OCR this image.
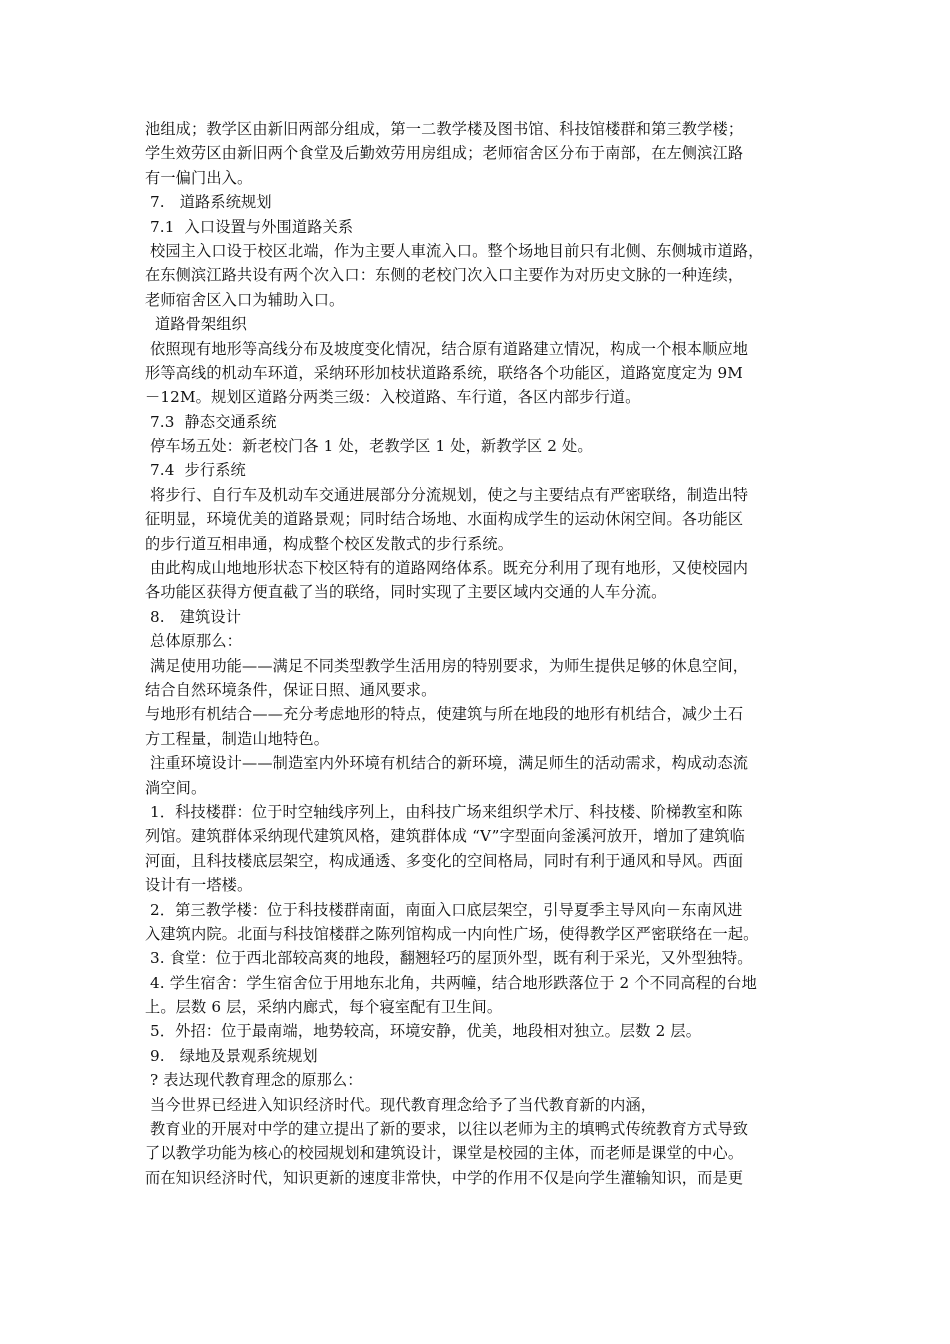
池组成；教学区由新旧两部分组成，第一二教学楼及图书馆、科技馆楼群和第三教学楼；
学生效劳区由新旧两个食堂及后勤效劳用房组成；老师宿舍区分布于南部，在左侧滨江路
有一偏门出入。
7.   道路系统规划
7.1  入口设置与外围道路关系
校园主入口设于校区北端，作为主要人車流入口。整个场地目前只有北侧、东侧城市道路，
在东侧滨江路共设有两个次入口：东侧的老校门次入口主要作为对历史文脉的一种连续，
老师宿舍区入口为辅助入口。
道路骨架组织
依照现有地形等高线分布及坡度变化情况，结合原有道路建立情况，构成一个根本顺应地
形等高线的机动车环道，采纳环形加枝状道路系统，联络各个功能区，道路宽度定为 9M
－12M。规划区道路分两类三级：入校道路、车行道，各区内部步行道。
7.3  静态交通系统
停车场五处：新老校门各 1 处，老教学区 1 处，新教学区 2 处。
7.4  步行系统
将步行、自行车及机动车交通进展部分分流规划，使之与主要结点有严密联络，制造出特
征明显，环境优美的道路景观；同时结合场地、水面构成学生的运动休闲空间。各功能区
的步行道互相串通，构成整个校区发散式的步行系统。
由此构成山地地形状态下校区特有的道路网络体系。既充分利用了现有地形，又使校园内
各功能区获得方便直截了当的联络，同时实现了主要区域内交通的人车分流。
8.   建筑设计
总体原那么：
满足使用功能——满足不同类型教学生活用房的特别要求，为师生提供足够的休息空间，
结合自然环境条件，保证日照、通风要求。
与地形有机结合——充分考虑地形的特点，使建筑与所在地段的地形有机结合，减少土石
方工程量，制造山地特色。
注重环境设计——制造室内外环境有机结合的新环境，满足师生的活动需求，构成动态流
淌空间。
1．科技楼群：位于时空轴线序列上，由科技广场来组织学术厅、科技楼、阶梯教室和陈
列馆。建筑群体采纳现代建筑风格，建筑群体成 “V”字型面向釜溪河放开，增加了建筑临
河面，且科技楼底层架空，构成通透、多变化的空间格局，同时有利于通风和导风。西面
设计有一塔楼。
2．第三教学楼：位于科技楼群南面，南面入口底层架空，引导夏季主导风向－东南风进
入建筑内院。北面与科技馆楼群之陈列馆构成一内向性广场，使得教学区严密联络在一起。
3. 食堂：位于西北部较高爽的地段，翻翘轻巧的屋顶外型，既有利于采光，又外型独特。
4. 学生宿舍：学生宿舍位于用地东北角，共两幢，结合地形跌落位于 2 个不同高程的台地
上。层数 6 层，采纳内廊式，每个寝室配有卫生间。
5．外招：位于最南端，地势较高，环境安静，优美，地段相对独立。层数 2 层。
9.   绿地及景观系统规划
? 表达现代教育理念的原那么：
当今世界已经进入知识经济时代。现代教育理念给予了当代教育新的内涵，
教育业的开展对中学的建立提出了新的要求，以往以老师为主的填鸭式传统教育方式导致
了以教学功能为核心的校园规划和建筑设计，课堂是校园的主体，而老师是课堂的中心。
而在知识经济时代，知识更新的速度非常快，中学的作用不仅是向学生灌输知识，而是更
